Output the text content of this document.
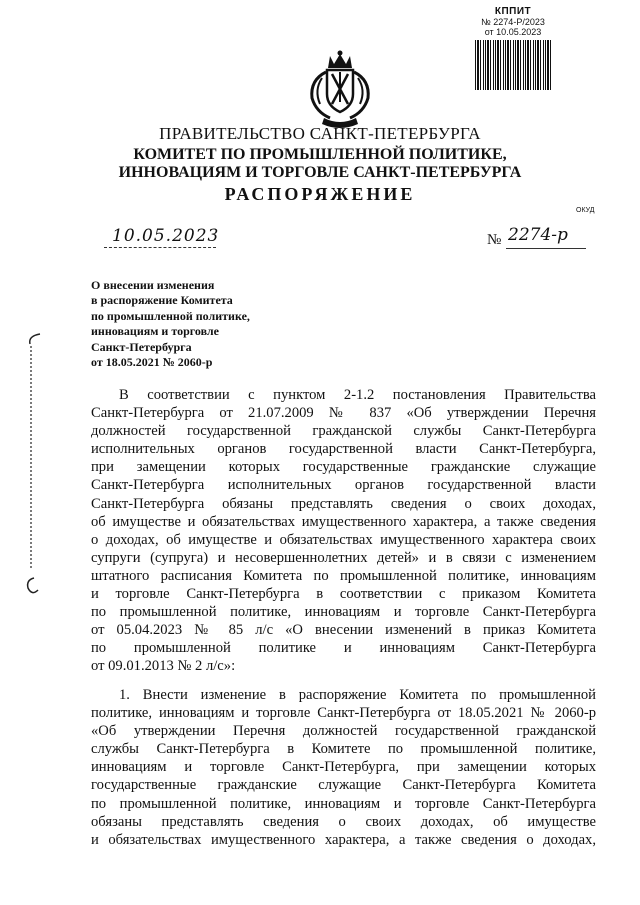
КППИТ
№ 2274-Р/2023
от 10.05.2023
ПРАВИТЕЛЬСТВО САНКТ-ПЕТЕРБУРГА
КОМИТЕТ ПО ПРОМЫШЛЕННОЙ ПОЛИТИКЕ,
ИННОВАЦИЯМ И ТОРГОВЛЕ САНКТ-ПЕТЕРБУРГА
РАСПОРЯЖЕНИЕ
ОКУД
10.05.2023	№ 2274-р
О внесении изменения
в распоряжение Комитета
по промышленной политике,
инновациям и торговле
Санкт-Петербурга
от 18.05.2021 № 2060-р
В соответствии с пунктом 2-1.2 постановления Правительства
Санкт-Петербурга от 21.07.2009 № 837 «Об утверждении Перечня
должностей государственной гражданской службы Санкт-Петербурга
исполнительных органов государственной власти Санкт-Петербурга,
при замещении которых государственные гражданские служащие
Санкт-Петербурга исполнительных органов государственной власти
Санкт-Петербурга обязаны представлять сведения о своих доходах,
об имуществе и обязательствах имущественного характера, а также сведения
о доходах, об имуществе и обязательствах имущественного характера своих
супруги (супруга) и несовершеннолетних детей» и в связи с изменением
штатного расписания Комитета по промышленной политике, инновациям
и торговле Санкт-Петербурга в соответствии с приказом Комитета
по промышленной политике, инновациям и торговле Санкт-Петербурга
от 05.04.2023 № 85 л/с «О внесении изменений в приказ Комитета
по промышленной политике и инновациям Санкт-Петербурга
от 09.01.2013 № 2 л/с»:
1. Внести изменение в распоряжение Комитета по промышленной
политике, инновациям и торговле Санкт-Петербурга от 18.05.2021 № 2060-р
«Об утверждении Перечня должностей государственной гражданской
службы Санкт-Петербурга в Комитете по промышленной политике,
инновациям и торговле Санкт-Петербурга, при замещении которых
государственные гражданские служащие Санкт-Петербурга Комитета
по промышленной политике, инновациям и торговле Санкт-Петербурга
обязаны представлять сведения о своих доходах, об имуществе
и обязательствах имущественного характера, а также сведения о доходах,
